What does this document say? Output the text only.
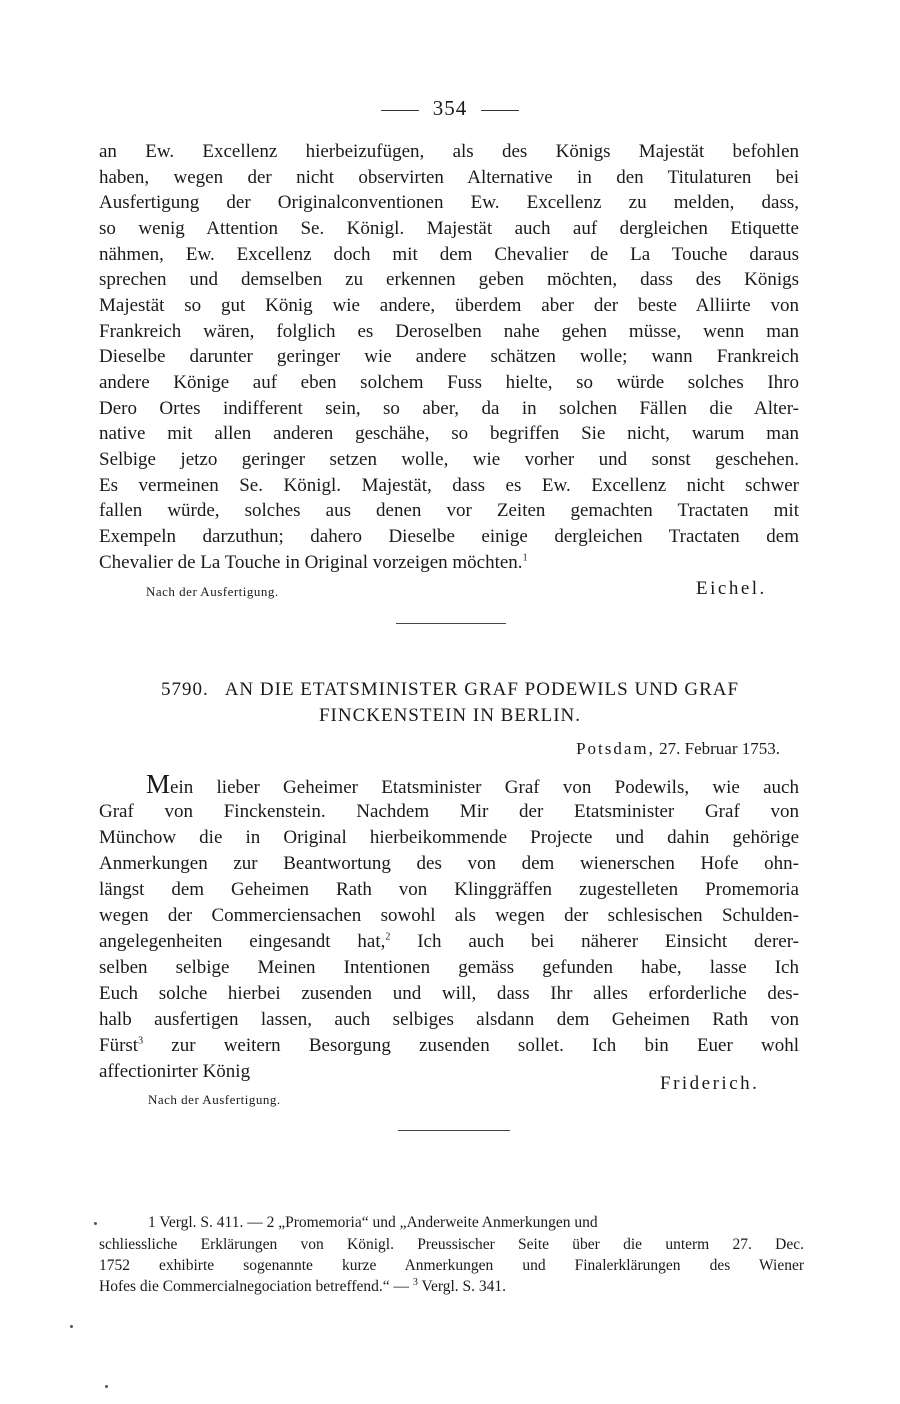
354
an Ew. Excellenz hierbeizufügen, als des Königs Majestät befohlen
haben, wegen der nicht observirten Alternative in den Titulaturen bei
Ausfertigung der Originalconventionen Ew. Excellenz zu melden, dass,
so wenig Attention Se. Königl. Majestät auch auf dergleichen Etiquette
nähmen, Ew. Excellenz doch mit dem Chevalier de La Touche daraus
sprechen und demselben zu erkennen geben möchten, dass des Königs
Majestät so gut König wie andere, überdem aber der beste Alliirte von
Frankreich wären, folglich es Deroselben nahe gehen müsse, wenn man
Dieselbe darunter geringer wie andere schätzen wolle; wann Frankreich
andere Könige auf eben solchem Fuss hielte, so würde solches Ihro
Dero Ortes indifferent sein, so aber, da in solchen Fällen die Alter-
native mit allen anderen geschähe, so begriffen Sie nicht, warum man
Selbige jetzo geringer setzen wolle, wie vorher und sonst geschehen.
Es vermeinen Se. Königl. Majestät, dass es Ew. Excellenz nicht schwer
fallen würde, solches aus denen vor Zeiten gemachten Tractaten mit
Exempeln darzuthun; dahero Dieselbe einige dergleichen Tractaten dem
Chevalier de La Touche in Original vorzeigen möchten.$^1$
Nach der Ausfertigung.	Eichel.
5790. AN DIE ETATSMINISTER GRAF PODEWILS UND GRAF
FINCKENSTEIN IN BERLIN.
Potsdam, 27. Februar 1753.
Mein lieber Geheimer Etatsminister Graf von Podewils, wie auch
Graf von Finckenstein. Nachdem Mir der Etatsminister Graf von
Münchow die in Original hierbeikommende Projecte und dahin gehörige
Anmerkungen zur Beantwortung des von dem wienerschen Hofe ohn-
längst dem Geheimen Rath von Klinggräffen zugestelleten Promemoria
wegen der Commerciensachen sowohl als wegen der schlesischen Schulden-
angelegenheiten eingesandt hat,$^2$ Ich auch bei näherer Einsicht derer-
selben selbige Meinen Intentionen gemäss gefunden habe, lasse Ich
Euch solche hierbei zusenden und will, dass Ihr alles erforderliche des-
halb ausfertigen lassen, auch selbiges alsdann dem Geheimen Rath von
Fürst$^3$ zur weitern Besorgung zusenden sollet. Ich bin Euer wohl
affectionirter König
Friderich.
Nach der Ausfertigung.
1 Vergl. S. 411. — 2 „Promemoria“ und „Anderweite Anmerkungen und
schliessliche Erklärungen von Königl. Preussischer Seite über die unterm 27. Dec.
1752 exhibirte sogenannte kurze Anmerkungen und Finalerklärungen des Wiener
Hofes die Commercialnegociation betreffend.“ — $^3$ Vergl. S. 341.
